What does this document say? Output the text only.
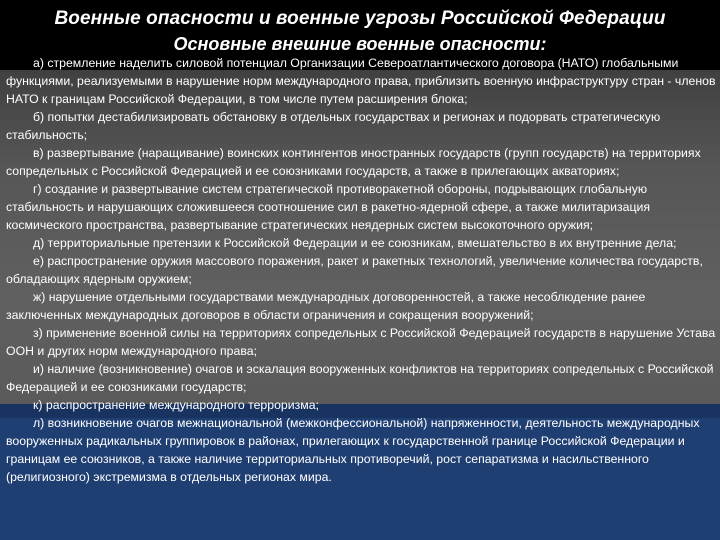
Военные опасности и военные угрозы Российской Федерации
Основные внешние военные опасности:
а) стремление наделить силовой потенциал Организации Североатлантического договора (НАТО) глобальными функциями, реализуемыми в нарушение норм международного права, приблизить военную инфраструктуру стран - членов НАТО к границам Российской Федерации, в том числе путем расширения блока;
б) попытки дестабилизировать обстановку в отдельных государствах и регионах и подорвать стратегическую стабильность;
в) развертывание (наращивание) воинских контингентов иностранных государств (групп государств) на территориях сопредельных с Российской Федерацией и ее союзниками государств, а также в прилегающих акваториях;
г) создание и развертывание систем стратегической противоракетной обороны, подрывающих глобальную стабильность и нарушающих сложившееся соотношение сил в ракетно-ядерной сфере, а также милитаризация космического пространства, развертывание стратегических неядерных систем высокоточного оружия;
д) территориальные претензии к Российской Федерации и ее союзникам, вмешательство в их внутренние дела;
е) распространение оружия массового поражения, ракет и ракетных технологий, увеличение количества государств, обладающих ядерным оружием;
ж) нарушение отдельными государствами международных договоренностей, а также несоблюдение ранее заключенных международных договоров в области ограничения и сокращения вооружений;
з) применение военной силы на территориях сопредельных с Российской Федерацией государств в нарушение Устава ООН и других норм международного права;
и) наличие (возникновение) очагов и эскалация вооруженных конфликтов на территориях сопредельных с Российской Федерацией и ее союзниками государств;
к) распространение международного терроризма;
л) возникновение очагов межнациональной (межконфессиональной) напряженности, деятельность международных вооруженных радикальных группировок в районах, прилегающих к государственной границе Российской Федерации и границам ее союзников, а также наличие территориальных противоречий, рост сепаратизма и насильственного (религиозного) экстремизма в отдельных регионах мира.
